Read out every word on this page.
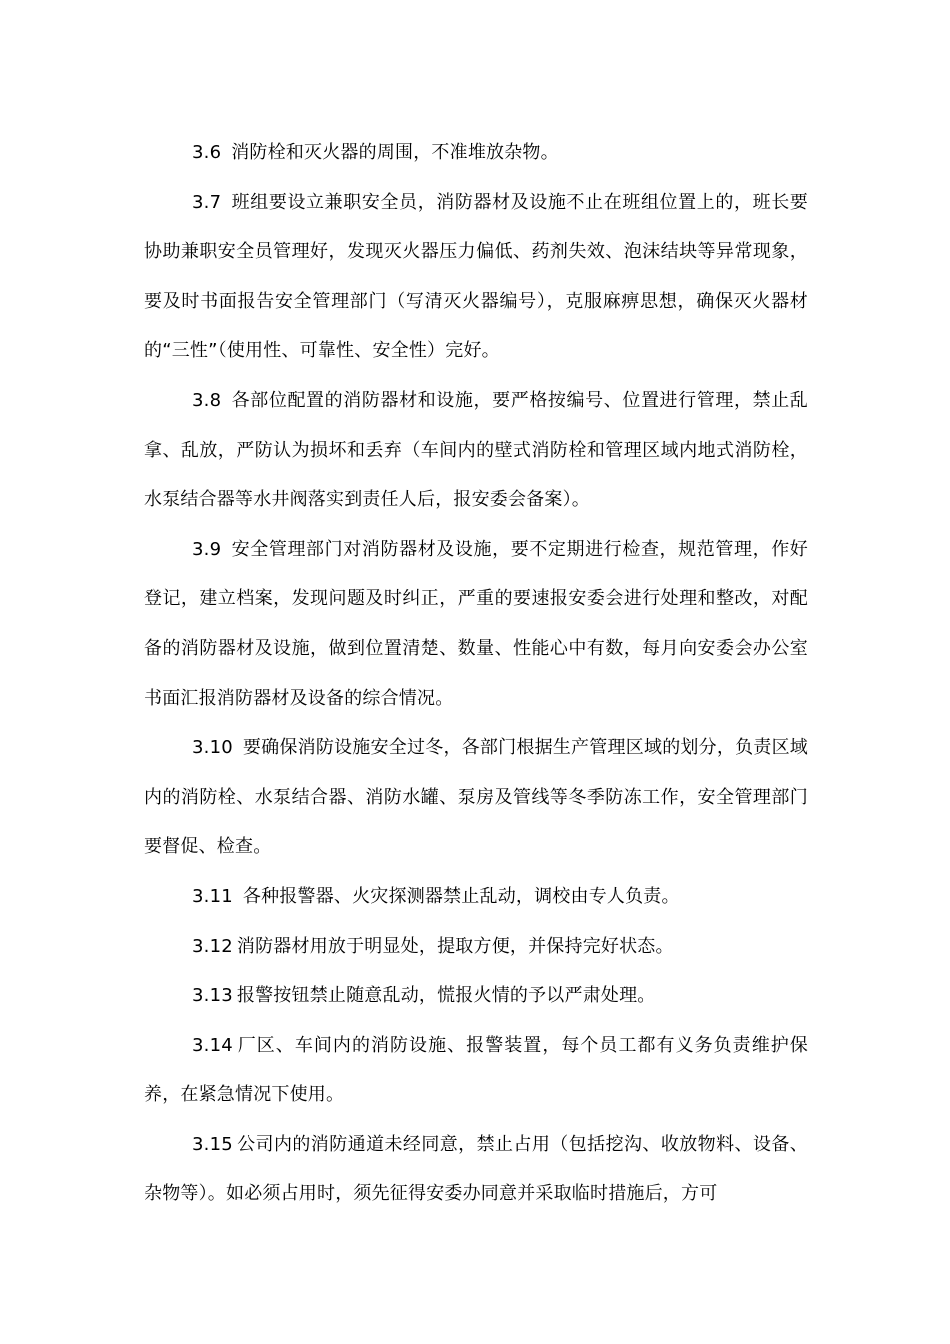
3.6 消防栓和灭火器的周围，不准堆放杂物。

3.7 班组要设立兼职安全员，消防器材及设施不止在班组位置上的，班长要协助兼职安全员管理好，发现灭火器压力偏低、药剂失效、泡沫结块等异常现象，要及时书面报告安全管理部门（写清灭火器编号），克服麻痹思想，确保灭火器材的“三性”（使用性、可靠性、安全性）完好。

3.8 各部位配置的消防器材和设施，要严格按编号、位置进行管理，禁止乱拿、乱放，严防认为损坏和丢弃（车间内的壁式消防栓和管理区域内地式消防栓，水泵结合器等水井阀落实到责任人后，报安委会备案）。

3.9 安全管理部门对消防器材及设施，要不定期进行检查，规范管理，作好登记，建立档案，发现问题及时纠正，严重的要速报安委会进行处理和整改，对配备的消防器材及设施，做到位置清楚、数量、性能心中有数，每月向安委会办公室书面汇报消防器材及设备的综合情况。

3.10 要确保消防设施安全过冬，各部门根据生产管理区域的划分，负责区域内的消防栓、水泵结合器、消防水罐、泵房及管线等冬季防冻工作，安全管理部门要督促、检查。

3.11 各种报警器、火灾探测器禁止乱动，调校由专人负责。

3.12 消防器材用放于明显处，提取方便，并保持完好状态。

3.13 报警按钮禁止随意乱动，慌报火情的予以严肃处理。

3.14 厂区、车间内的消防设施、报警装置，每个员工都有义务负责维护保养，在紧急情况下使用。

3.15 公司内的消防通道未经同意，禁止占用（包括挖沟、收放物料、设备、杂物等）。如必须占用时，须先征得安委办同意并采取临时措施后，方可
